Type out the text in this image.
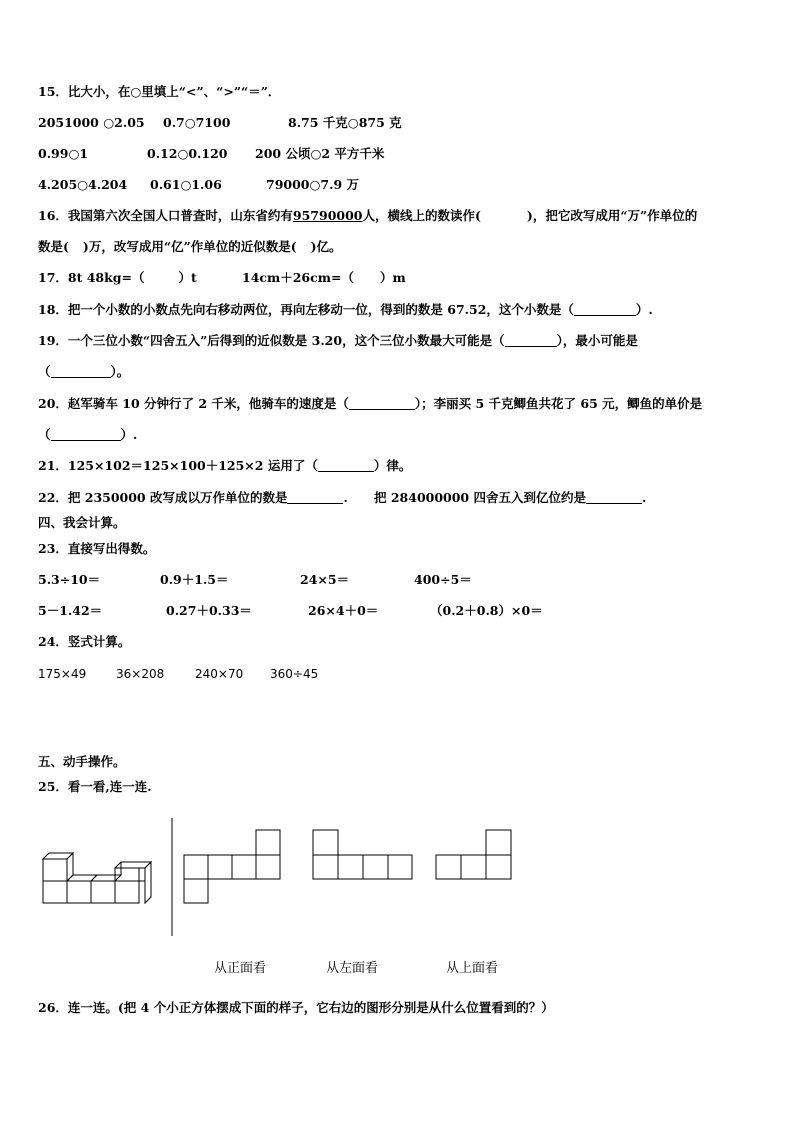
15．比大小，在○里填上“<”、“>”“＝”．
2051000 ○2.05 0.7○7100	8.75 千克○875 克
0.99○1	0.12○0.120 200 公顷○2 平方千米
4.205○4.204 0.61○1.06	79000○7.9 万
16．我国第六次全国人口普查时，山东省约有95790000人，横线上的数读作(	)，把它改写成用“万”作单位的
数是( )万，改写成用“亿”作单位的近似数是( )亿。
17．8t 48kg=（	）t	14cm＋26cm=（ ）m
18．把一个小数的小数点先向右移动两位，再向左移动一位，得到的数是 67.52，这个小数是（	）.
19．一个三位小数“四舍五入”后得到的近似数是 3.20，这个三位小数最大可能是（	），最小可能是
（	）。
20．赵军骑车 10 分钟行了 2 千米，他骑车的速度是（	）；李丽买 5 千克鲫鱼共花了 65 元，鲫鱼的单价是
（	）.
21．125×102＝125×100＋125×2 运用了（	）律。
22．把 2350000 改写成以万作单位的数是	. 把 284000000 四舍五入到亿位约是	.
四、我会计算。
23．直接写出得数。
5.3÷10＝	0.9＋1.5＝	24×5＝	400÷5＝
5－1.42＝	0.27＋0.33＝	26×4＋0＝	（0.2＋0.8）×0＝
24．竖式计算。
175×49 36×208	240×70 360÷45
五、动手操作。
25．看一看,连一连.
从正面看	从左面看	从上面看
26．连一连。(把 4 个小正方体摆成下面的样子，它右边的图形分别是从什么位置看到的？）
